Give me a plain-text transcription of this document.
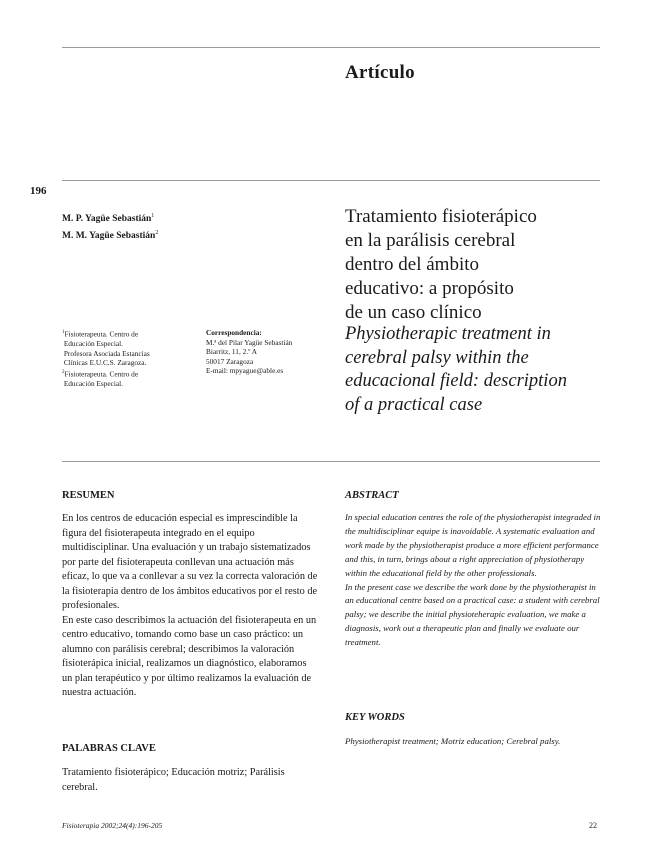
Artículo
196
M. P. Yagüe Sebastián$^1$
M. M. Yagüe Sebastián$^2$
Tratamiento fisioterápico
en la parálisis cerebral
dentro del ámbito
educativo: a propósito
de un caso clínico
Physiotherapic treatment in
cerebral palsy within the
educacional field: description
of a practical case
$^1$Fisioterapeuta. Centro de
Educación Especial.
Profesora Asociada Estancias
Clínicas E.U.C.S. Zaragoza.
$^2$Fisioterapeuta. Centro de
Educación Especial.
Correspondencia:
M.ª del Pilar Yagüe Sebastián
Biarritz, 11, 2.º A
50017 Zaragoza
E-mail: mpyague@able.es
RESUMEN

En los centros de educación especial es imprescindible la figura del fisioterapeuta integrado en el equipo multidisciplinar. Una evaluación y un trabajo sistematizados por parte del fisioterapeuta conllevan una actuación más eficaz, lo que va a conllevar a su vez la correcta valoración de la fisioterapia dentro de los ámbitos educativos por el resto de profesionales.

En este caso describimos la actuación del fisioterapeuta en un centro educativo, tomando como base un caso práctico: un alumno con parálisis cerebral; describimos la valoración fisioterápica inicial, realizamos un diagnóstico, elaboramos un plan terapéutico y por último realizamos la evaluación de nuestra actuación.

ABSTRACT

In special education centres the role of the physiotherapist integraded in the multidisciplinar equipe is inavoidable. A systematic evaluation and work made by the physiotherapist produce a more efficient performance and this, in turn, brings about a right appreciation of physiotherapy within the educational field by the other professionals.

In the present case we describe the work done by the physiotherapist in an educational centre based on a practical case: a student with cerebral palsy; we describe the initial physioteherapic evaluation, we make a diagnosis, work out a therapeutic plan and finally we evaluate our treatment.

KEY WORDS
Physiotherapist treatment; Motriz education; Cerebral palsy.
PALABRAS CLAVE
Tratamiento fisioterápico; Educación motriz; Parálisis cerebral.
Fisioterapia 2002;24(4):196-205	22
